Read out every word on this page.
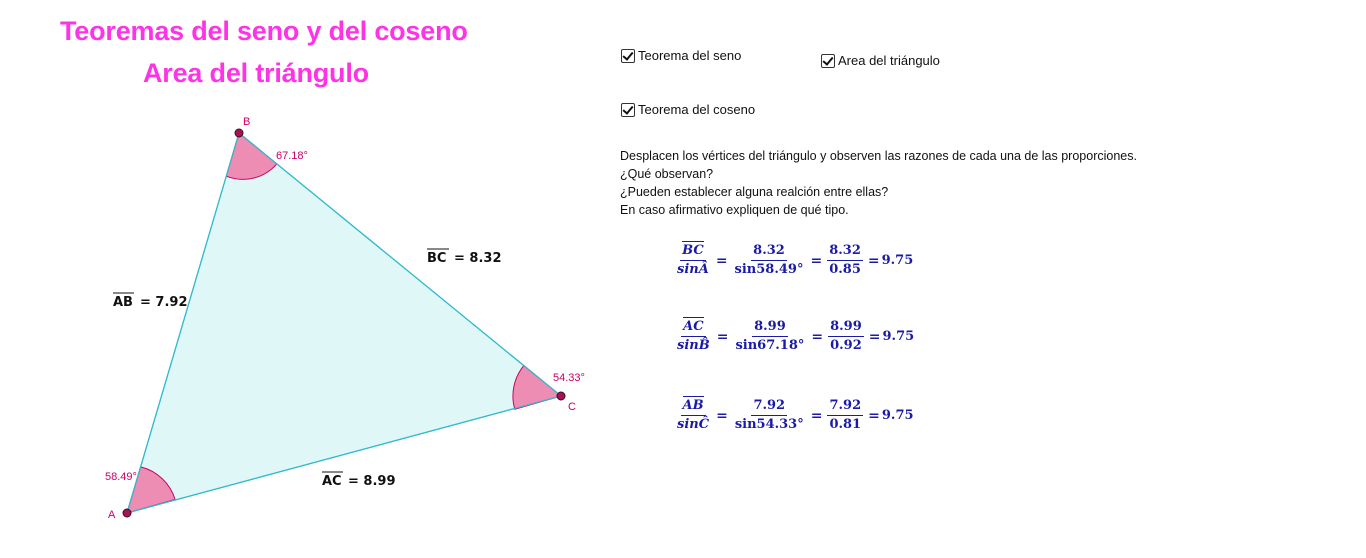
Teoremas del seno y del coseno
Area del triángulo
A
B
C
58.49°
67.18°
54.33°
AB = 7.92
BC = 8.32
AC = 8.99
Teorema del seno	Area del triángulo
Teorema del coseno
Desplacen los vértices del triángulo y observen las razones de cada una de las proporciones.
¿Qué observan?
¿Pueden establecer alguna realción entre ellas?
En caso afirmativo expliquen de qué tipo.
$\frac{BC}{\sin Â} = \frac{8.32}{\sin 58.49^\circ} = \frac{8.32}{0.85} = 9.75$
$\frac{AC}{\sin B̂} = \frac{8.99}{\sin 67.18^\circ} = \frac{8.99}{0.92} = 9.75$
$\frac{AB}{\sin Ĉ} = \frac{7.92}{\sin 54.33^\circ} = \frac{7.92}{0.81} = 9.75$
